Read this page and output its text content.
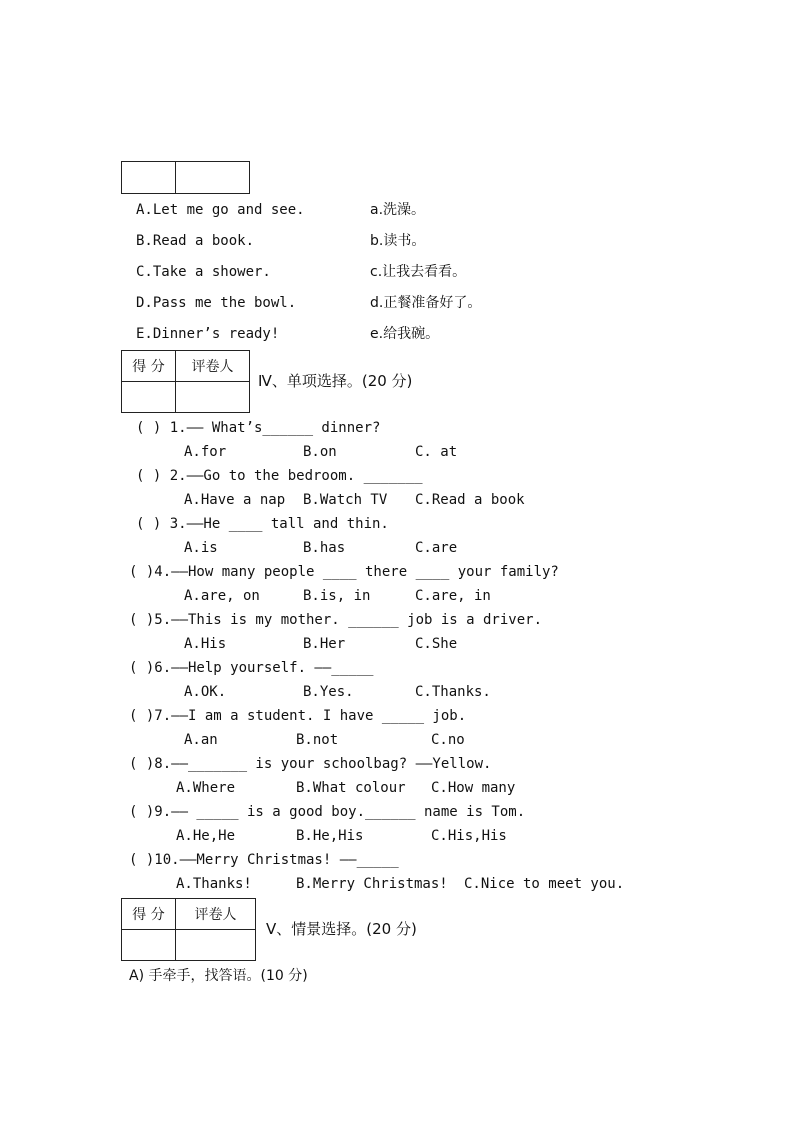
A.Let me go and see.	a.洗澡。
B.Read a book.	b.读书。
C.Take a shower.	c.让我去看看。
D.Pass me the bowl.	d.正餐准备好了。
E.Dinner’s ready!	e.给我碗。
得 分	评卷人

Ⅳ、单项选择。(20 分)
( ) 1.—— What’s______ dinner?
A.for	B.on	C. at
( ) 2.——Go to the bedroom. _______
A.Have a nap B.Watch TV C.Read a book
( ) 3.——He ____ tall and thin.
A.is	B.has	C.are
( )4.——How many people ____ there ____ your family?
A.are, on	B.is, in	C.are, in
( )5.——This is my mother. ______ job is a driver.
A.His	B.Her	C.She
( )6.——Help yourself. ——_____
A.OK.	B.Yes.	C.Thanks.
( )7.——I am a student. I have _____ job.
A.an	B.not	C.no
( )8.——_______ is your schoolbag? ——Yellow.
A.Where	B.What colour C.How many
( )9.—— _____ is a good boy.______ name is Tom.
A.He,He	B.He,His	C.His,His
( )10.——Merry Christmas! ——_____
A.Thanks!	B.Merry Christmas! C.Nice to meet you.
得 分	评卷人

Ⅴ、情景选择。(20 分)
A) 手牵手，找答语。(10 分)
